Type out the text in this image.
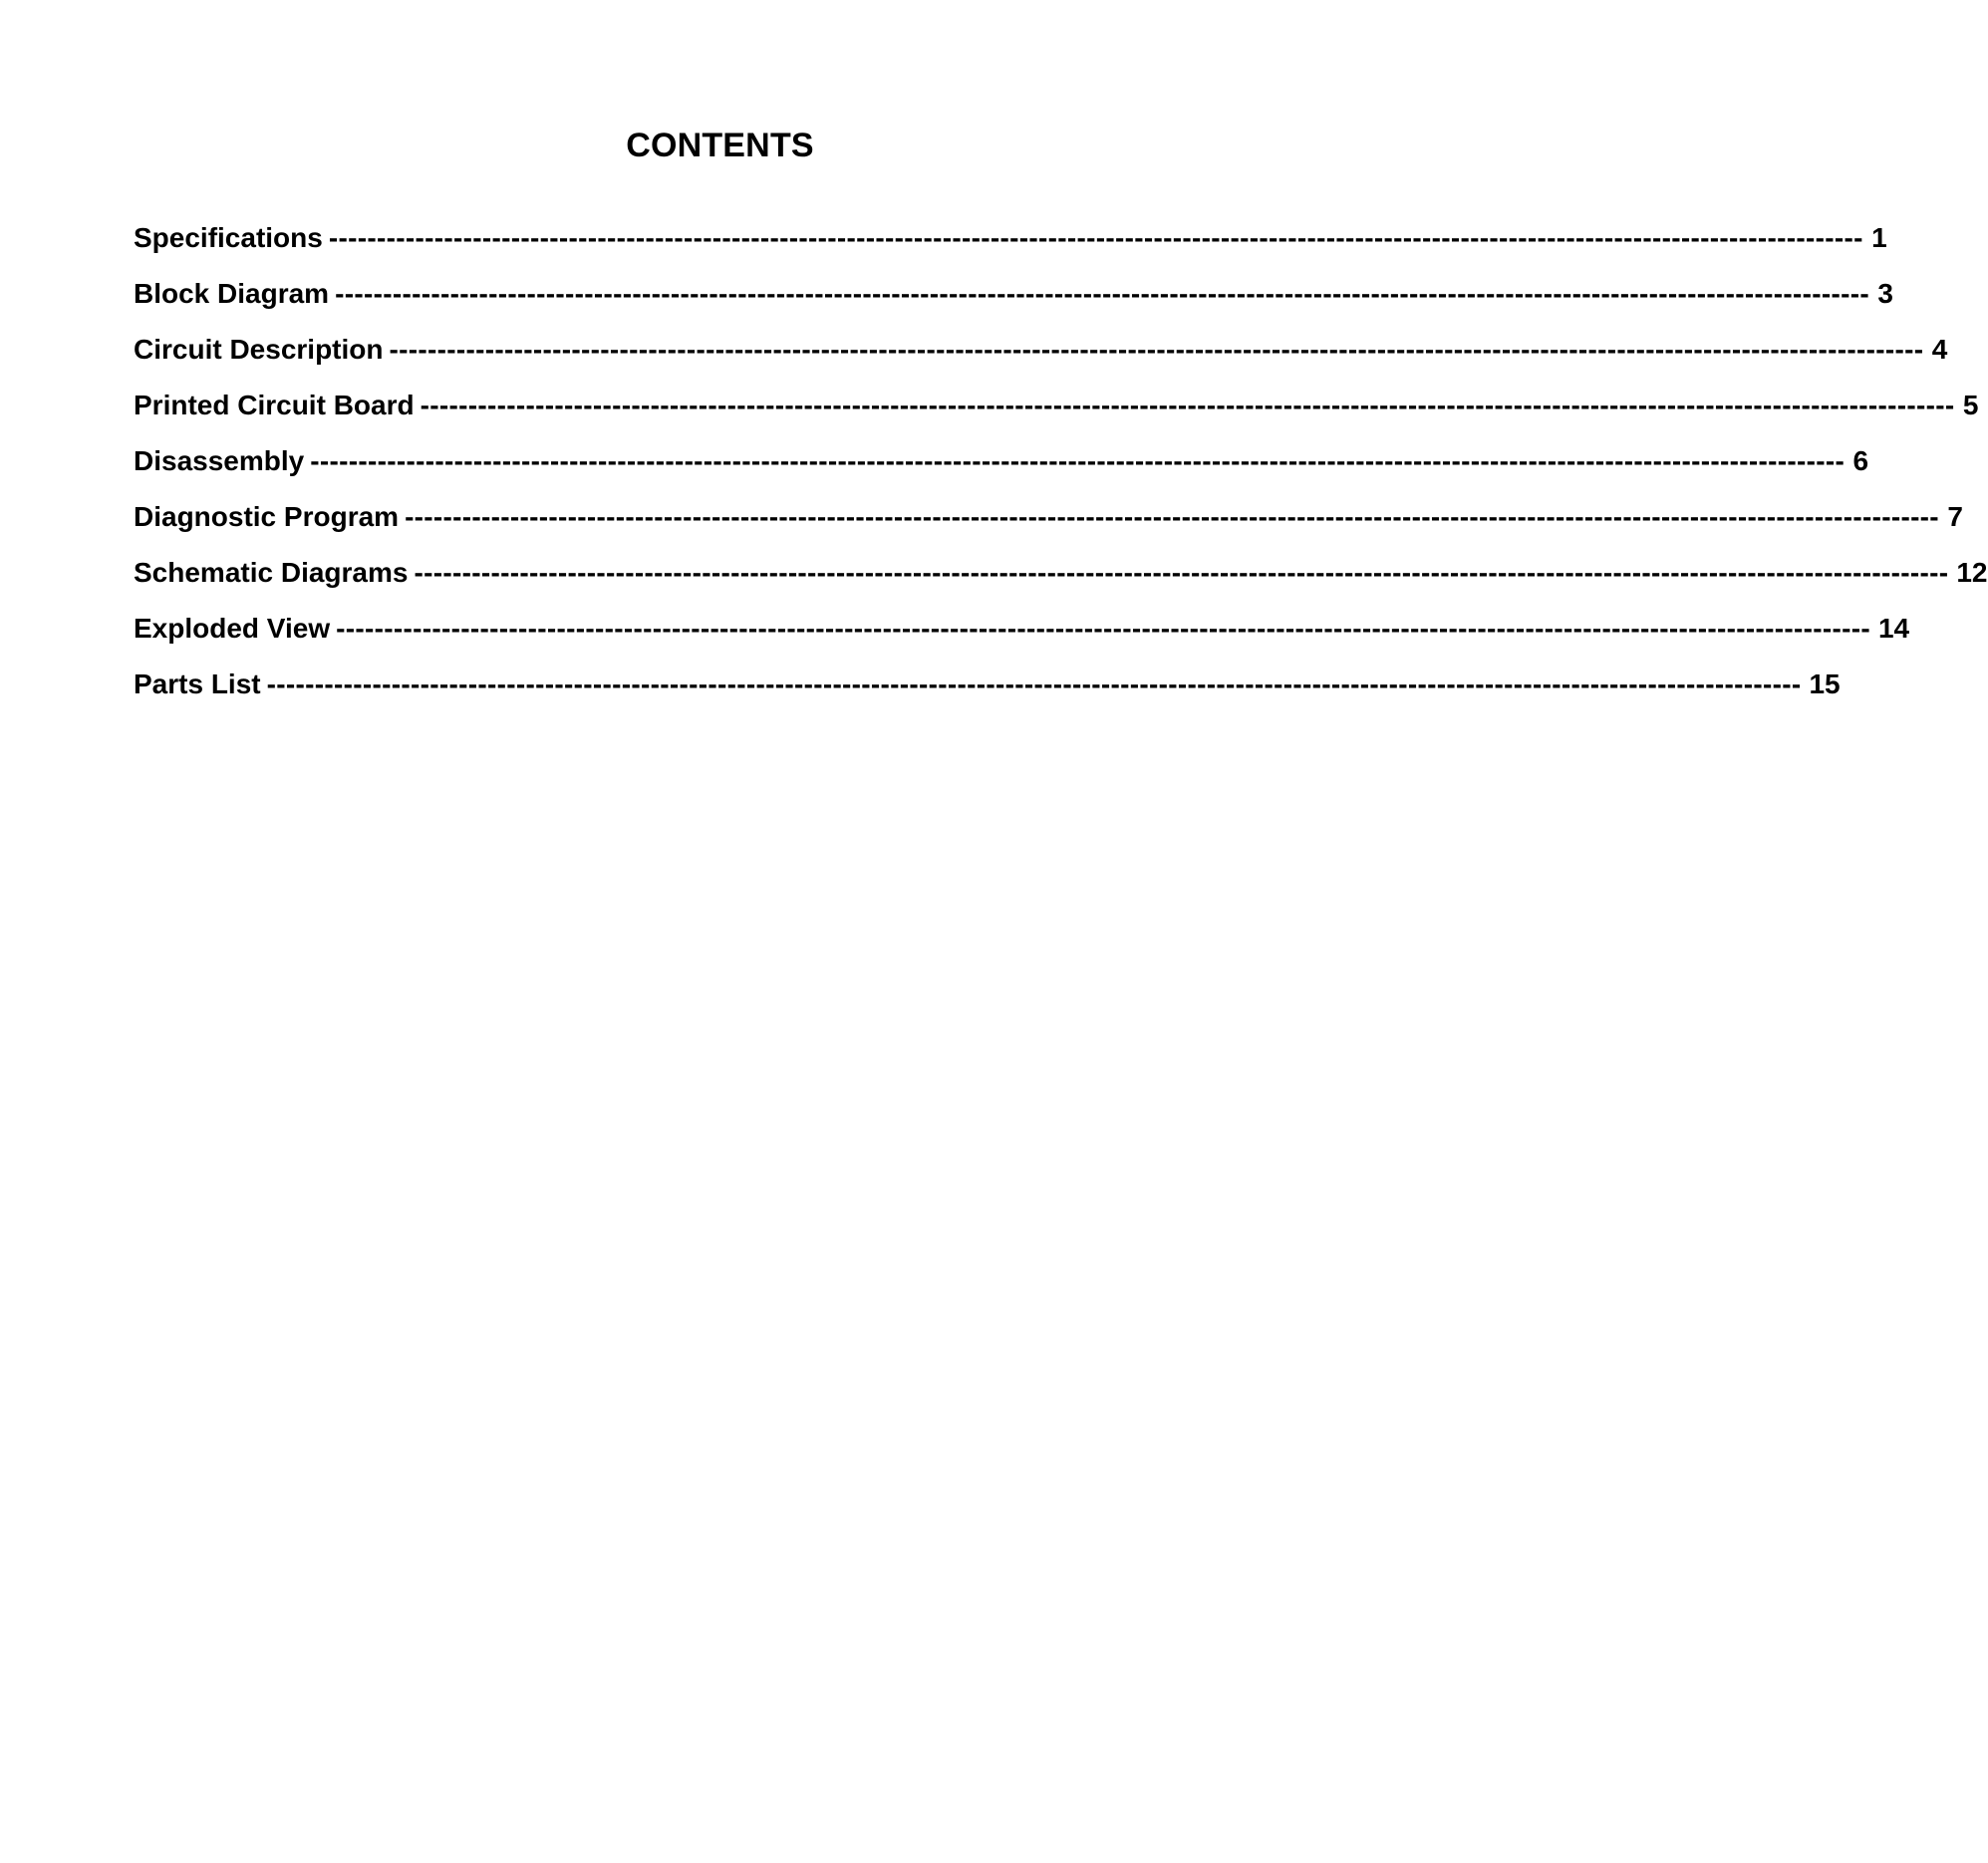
CONTENTS
Specifications ---------------------------------------------------------------------------------------------------------------------------------------------------------------- 1
Block Diagram ---------------------------------------------------------------------------------------------------------------------------------------------------------------- 3
Circuit Description ---------------------------------------------------------------------------------------------------------------------------------------------------------------- 4
Printed Circuit Board ---------------------------------------------------------------------------------------------------------------------------------------------------------------- 5
Disassembly ---------------------------------------------------------------------------------------------------------------------------------------------------------------- 6
Diagnostic Program ---------------------------------------------------------------------------------------------------------------------------------------------------------------- 7
Schematic Diagrams ---------------------------------------------------------------------------------------------------------------------------------------------------------------- 12
Exploded View ---------------------------------------------------------------------------------------------------------------------------------------------------------------- 14
Parts List ---------------------------------------------------------------------------------------------------------------------------------------------------------------- 15
